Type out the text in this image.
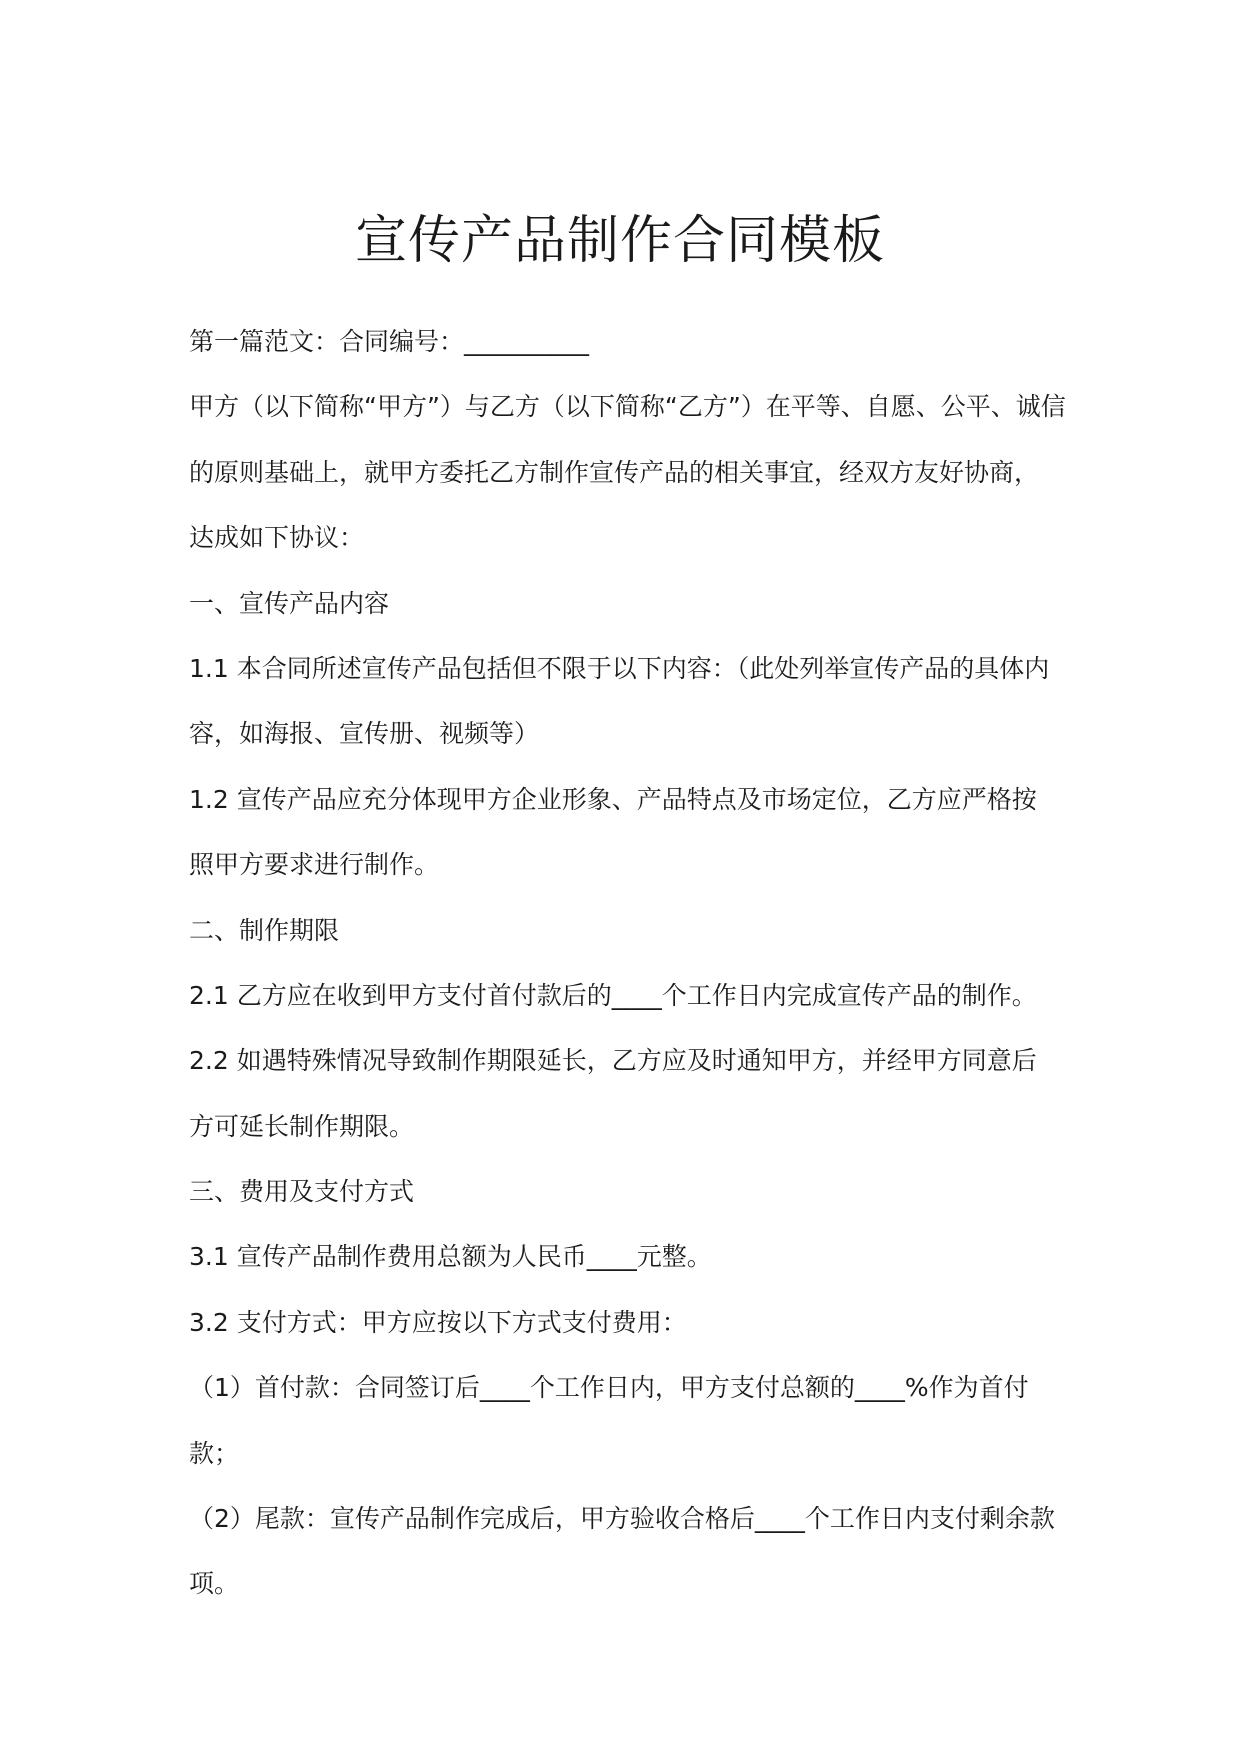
宣传产品制作合同模板

第一篇范文：合同编号：__________

甲方（以下简称“甲方”）与乙方（以下简称“乙方”）在平等、自愿、公平、诚信

的原则基础上，就甲方委托乙方制作宣传产品的相关事宜，经双方友好协商，

达成如下协议：

一、宣传产品内容

1.1 本合同所述宣传产品包括但不限于以下内容：（此处列举宣传产品的具体内

容，如海报、宣传册、视频等）

1.2 宣传产品应充分体现甲方企业形象、产品特点及市场定位，乙方应严格按

照甲方要求进行制作。

二、制作期限

2.1 乙方应在收到甲方支付首付款后的____个工作日内完成宣传产品的制作。

2.2 如遇特殊情况导致制作期限延长，乙方应及时通知甲方，并经甲方同意后

方可延长制作期限。

三、费用及支付方式

3.1 宣传产品制作费用总额为人民币____元整。

3.2 支付方式：甲方应按以下方式支付费用：

（1）首付款：合同签订后____个工作日内，甲方支付总额的____%作为首付

款；

（2）尾款：宣传产品制作完成后，甲方验收合格后____个工作日内支付剩余款

项。
